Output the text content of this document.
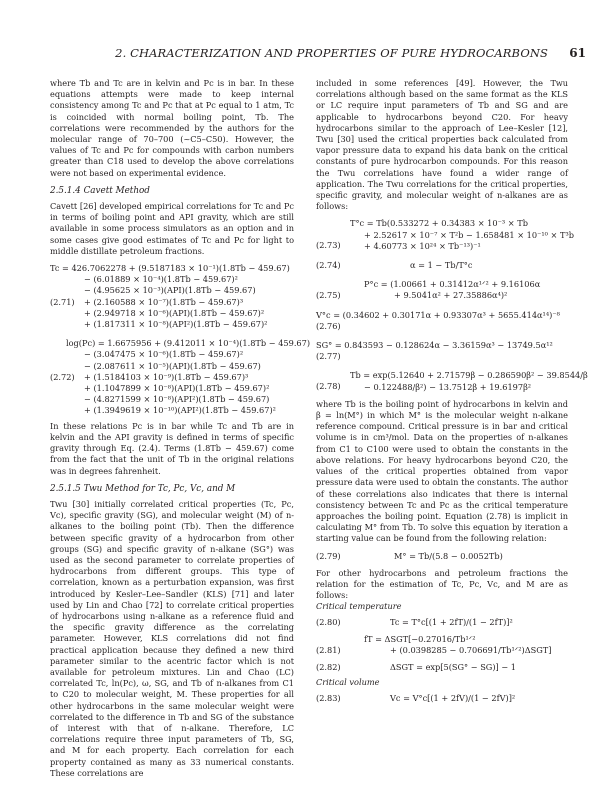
2. CHARACTERIZATION AND PROPERTIES OF PURE HYDROCARBONS 61

where Tb and Tc are in kelvin and Pc is in bar. In these equations attempts were made to keep internal consistency among Tc and Pc that at Pc equal to 1 atm, Tc is coincided with normal boiling point, Tb. The correlations were recommended by the authors for the molecular range of 70–700 (~C5–C50). However, the values of Tc and Pc for compounds with carbon numbers greater than C18 used to develop the above correlations were not based on experimental evidence.

2.5.1.4 Cavett Method

Cavett [26] developed empirical correlations for Tc and Pc in terms of boiling point and API gravity, which are still available in some process simulators as an option and in some cases give good estimates of Tc and Pc for light to middle distillate petroleum fractions.

(2.71)
Tc = 426.7062278 + (9.5187183 × 10⁻¹)(1.8Tb − 459.67)
− (6.01889 × 10⁻⁴)(1.8Tb − 459.67)²
− (4.95625 × 10⁻³)(API)(1.8Tb − 459.67)
+ (2.160588 × 10⁻⁷)(1.8Tb − 459.67)³
+ (2.949718 × 10⁻⁶)(API)(1.8Tb − 459.67)²
+ (1.817311 × 10⁻⁸)(API²)(1.8Tb − 459.67)²
(2.72)
log(Pc) = 1.6675956 + (9.412011 × 10⁻⁴)(1.8Tb − 459.67)
− (3.047475 × 10⁻⁶)(1.8Tb − 459.67)²
− (2.087611 × 10⁻⁵)(API)(1.8Tb − 459.67)
+ (1.5184103 × 10⁻⁹)(1.8Tb − 459.67)³
+ (1.1047899 × 10⁻⁸)(API)(1.8Tb − 459.67)²
− (4.8271599 × 10⁻⁸)(API²)(1.8Tb − 459.67)
+ (1.3949619 × 10⁻¹⁰)(API²)(1.8Tb − 459.67)²

In these relations Pc is in bar while Tc and Tb are in kelvin and the API gravity is defined in terms of specific gravity through Eq. (2.4). Terms (1.8Tb − 459.67) come from the fact that the unit of Tb in the original relations was in degrees fahrenheit.

2.5.1.5 Twu Method for Tc, Pc, Vc, and M

Twu [30] initially correlated critical properties (Tc, Pc, Vc), specific gravity (SG), and molecular weight (M) of n-alkanes to the boiling point (Tb). Then the difference between specific gravity of a hydrocarbon from other groups (SG) and specific gravity of n-alkane (SG°) was used as the second parameter to correlate properties of hydrocarbons from different groups. This type of correlation, known as a perturbation expansion, was first introduced by Kesler–Lee–Sandler (KLS) [71] and later used by Lin and Chao [72] to correlate critical properties of hydrocarbons using n-alkane as a reference fluid and the specific gravity difference as the correlating parameter. However, KLS correlations did not find practical application because they defined a new third parameter similar to the acentric factor which is not available for petroleum mixtures. Lin and Chao (LC) correlated Tc, ln(Pc), ω, SG, and Tb of n-alkanes from C1 to C20 to molecular weight, M. These properties for all other hydrocarbons in the same molecular weight were correlated to the difference in Tb and SG of the substance of interest with that of n-alkane. Therefore, LC correlations require three input parameters of Tb, SG, and M for each property. Each correlation for each property contained as many as 33 numerical constants. These correlations are

included in some references [49]. However, the Twu correlations although based on the same format as the KLS or LC require input parameters of Tb and SG and are applicable to hydrocarbons beyond C20. For heavy hydrocarbons similar to the approach of Lee–Kesler [12], Twu [30] used the critical properties back calculated from vapor pressure data to expand his data bank on the critical constants of pure hydrocarbon compounds. For this reason the Twu correlations have found a wider range of application. The Twu correlations for the critical properties, specific gravity, and molecular weight of n-alkanes are as follows:

(2.73)
T°c = Tb(0.533272 + 0.34383 × 10⁻³ × Tb
+ 2.52617 × 10⁻⁷ × T²b − 1.658481 × 10⁻¹⁰ × T³b
+ 4.60773 × 10²⁴ × Tb⁻¹³)⁻¹
(2.74)	α = 1 − Tb/T°c
(2.75)
P°c = (1.00661 + 0.31412α¹ᐟ² + 9.16106α
+ 9.5041α² + 27.35886α⁴)²
V°c = (0.34602 + 0.30171α + 0.93307α³ + 5655.414α¹⁴)⁻⁸
(2.76)
SG° = 0.843593 − 0.128624α − 3.36159α³ − 13749.5α¹²
(2.77)
(2.78)
Tb = exp(5.12640 + 2.71579β − 0.286590β² − 39.8544/β
− 0.122488/β²) − 13.7512β + 19.6197β²

where Tb is the boiling point of hydrocarbons in kelvin and β = ln(M°) in which M° is the molecular weight n-alkane reference compound. Critical pressure is in bar and critical volume is in cm³/mol. Data on the properties of n-alkanes from C1 to C100 were used to obtain the constants in the above relations. For heavy hydrocarbons beyond C20, the values of the critical properties obtained from vapor pressure data were used to obtain the constants. The author of these correlations also indicates that there is internal consistency between Tc and Pc as the critical temperature approaches the boiling point. Equation (2.78) is implicit in calculating M° from Tb. To solve this equation by iteration a starting value can be found from the following relation:

(2.79)	M° = Tb/(5.8 − 0.0052Tb)

For other hydrocarbons and petroleum fractions the relation for the estimation of Tc, Pc, Vc, and M are as follows:

Critical temperature
(2.80)	Tc = T°c[(1 + 2fT)/(1 − 2fT)]²
(2.81)
fT = ΔSGT[−0.27016/Tb¹ᐟ²
+ (0.0398285 − 0.706691/Tb¹ᐟ²)ΔSGT]
(2.82)	ΔSGT = exp[5(SG° − SG)] − 1
Critical volume
(2.83)	Vc = V°c[(1 + 2fV)/(1 − 2fV)]²
